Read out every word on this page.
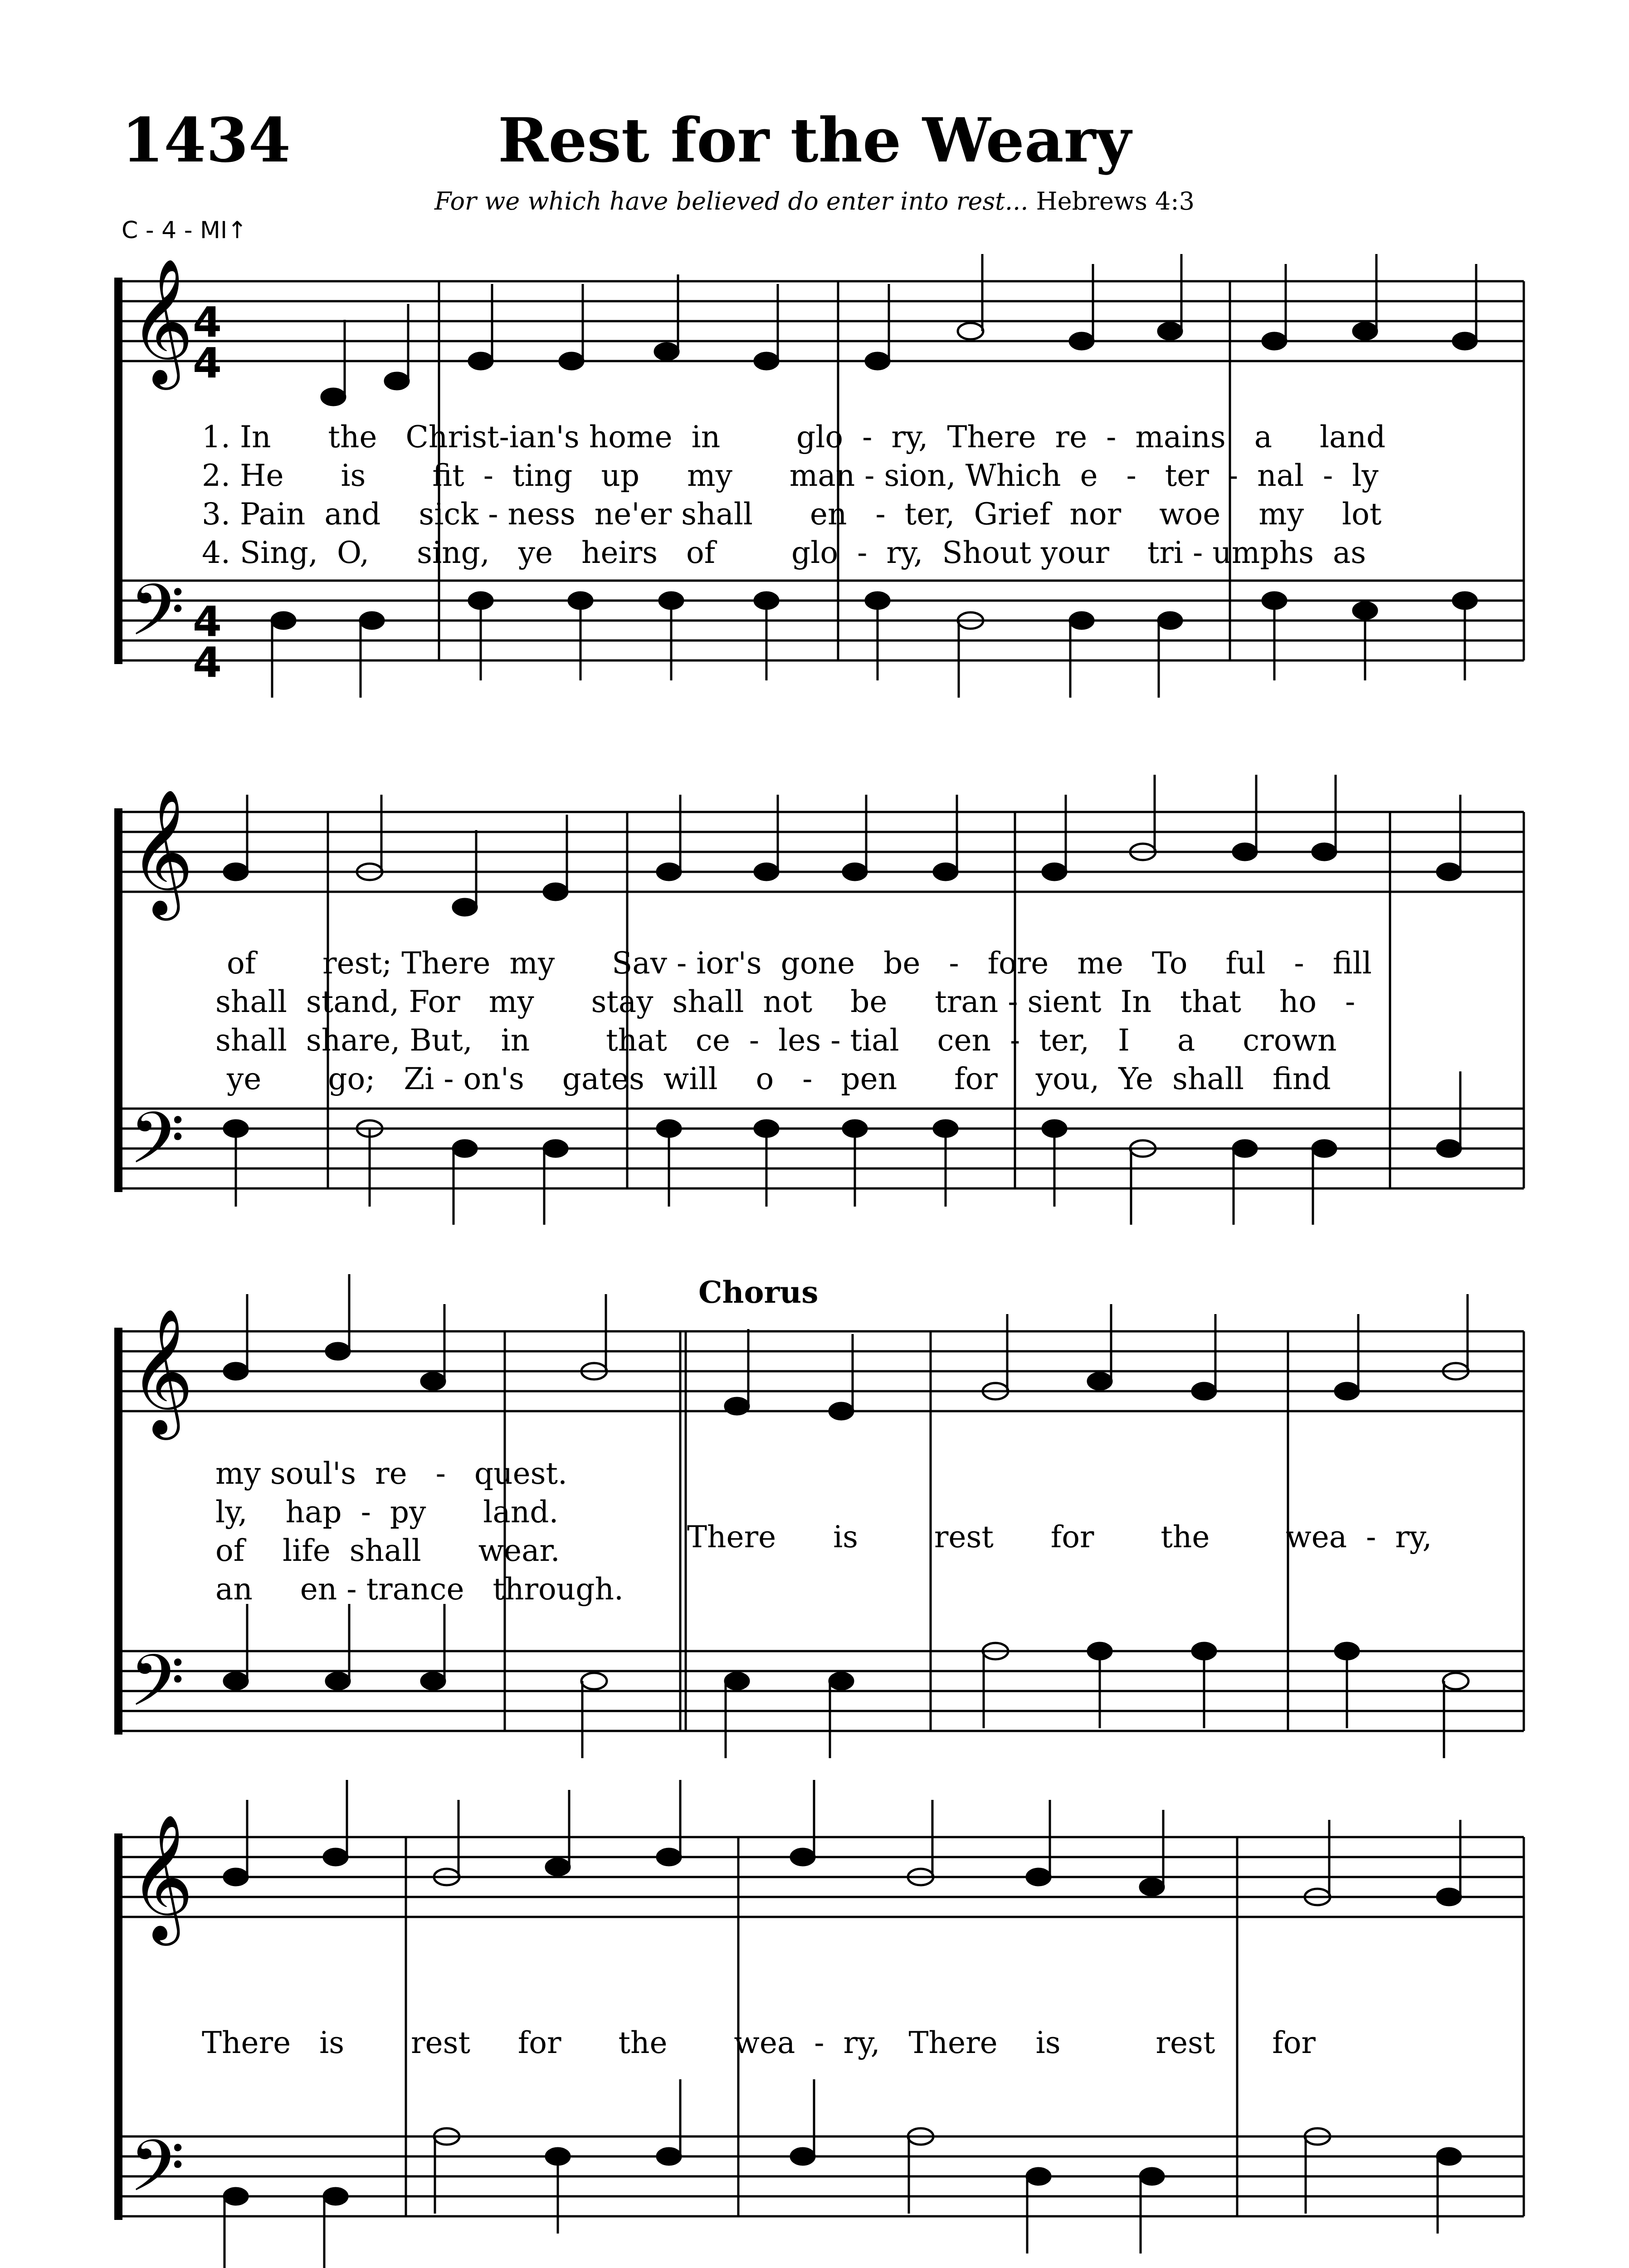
1434	Rest for the Weary
For we which have believed do enter into rest... Hebrews 4:3
C - 4 - MI↑
𝄞
𝄢
4
4
4
4
𝄞
𝄢
𝄞
𝄢
𝄞
𝄢
1. In      the   Christ-ian's home  in        glo  -  ry,  There  re  -  mains   a     land
2. He      is       fit  -  ting   up     my      man - sion, Which  e   -   ter  -  nal  -  ly
3. Pain  and    sick - ness  ne'er shall      en   -  ter,  Grief  nor    woe    my    lot
4. Sing,  O,     sing,   ye   heirs   of        glo  -  ry,  Shout your    tri - umphs  as
of       rest; There  my      Sav - ior's  gone   be   -   fore   me   To    ful   -   fill
shall  stand, For   my      stay  shall  not    be     tran - sient  In   that    ho   -
shall  share, But,   in        that   ce  -  les - tial    cen  -  ter,   I     a     crown
ye       go;   Zi - on's    gates  will    o   -   pen      for    you,  Ye  shall   find
Chorus
my soul's  re   -   quest.
ly,    hap  -  py      land.
of    life  shall      wear.
an     en - trance   through.
There      is        rest      for       the        wea  -  ry,
There   is       rest     for      the       wea  -  ry,   There    is          rest      for
